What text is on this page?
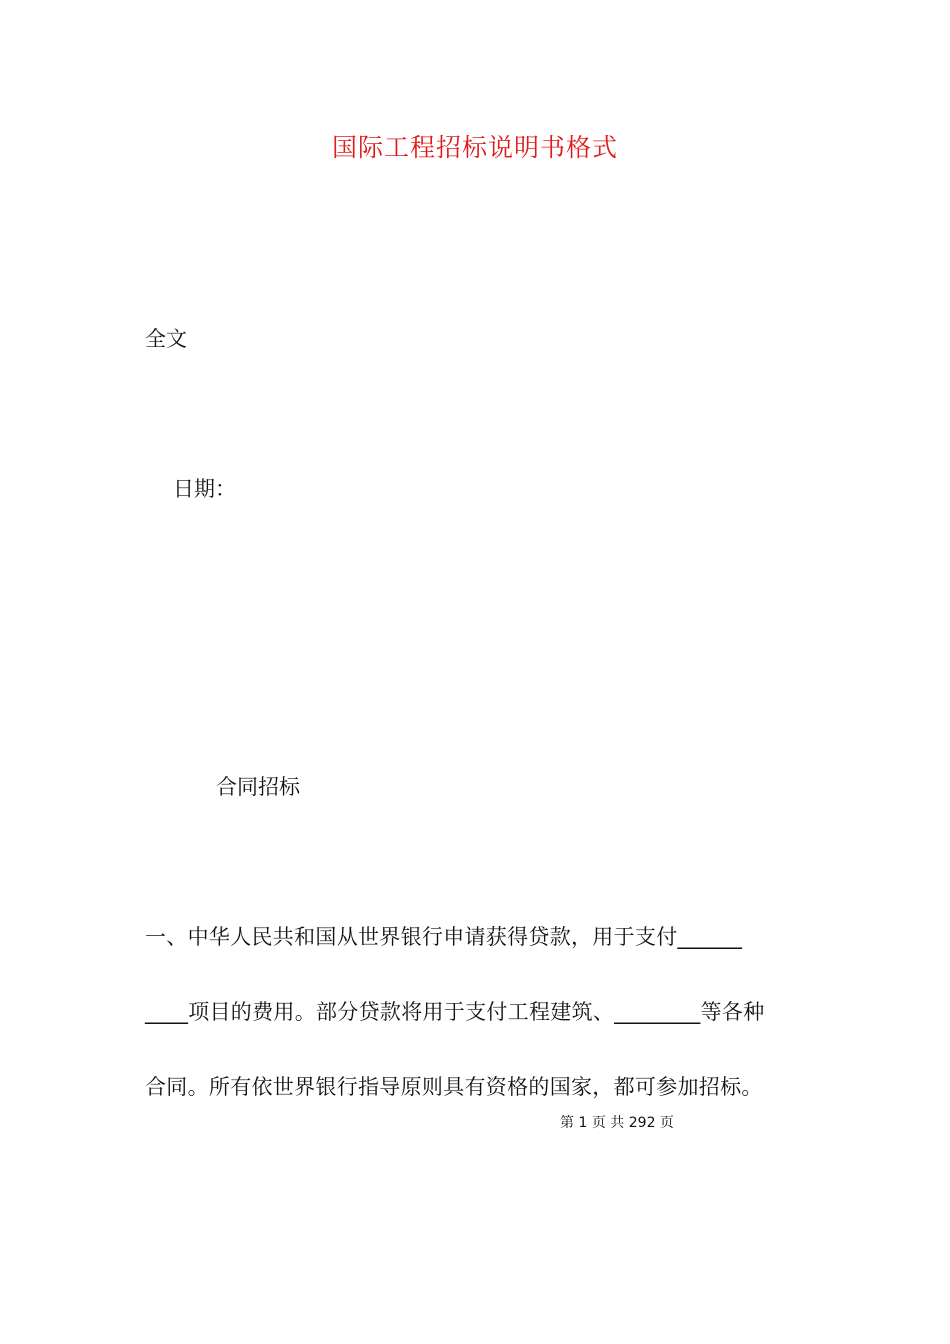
国际工程招标说明书格式
全文
日期：
合同招标
一、中华人民共和国从世界银行申请获得贷款，用于支付______
____项目的费用。部分贷款将用于支付工程建筑、________等各种
合同。所有依世界银行指导原则具有资格的国家，都可参加招标。
第 1 页 共 292 页
